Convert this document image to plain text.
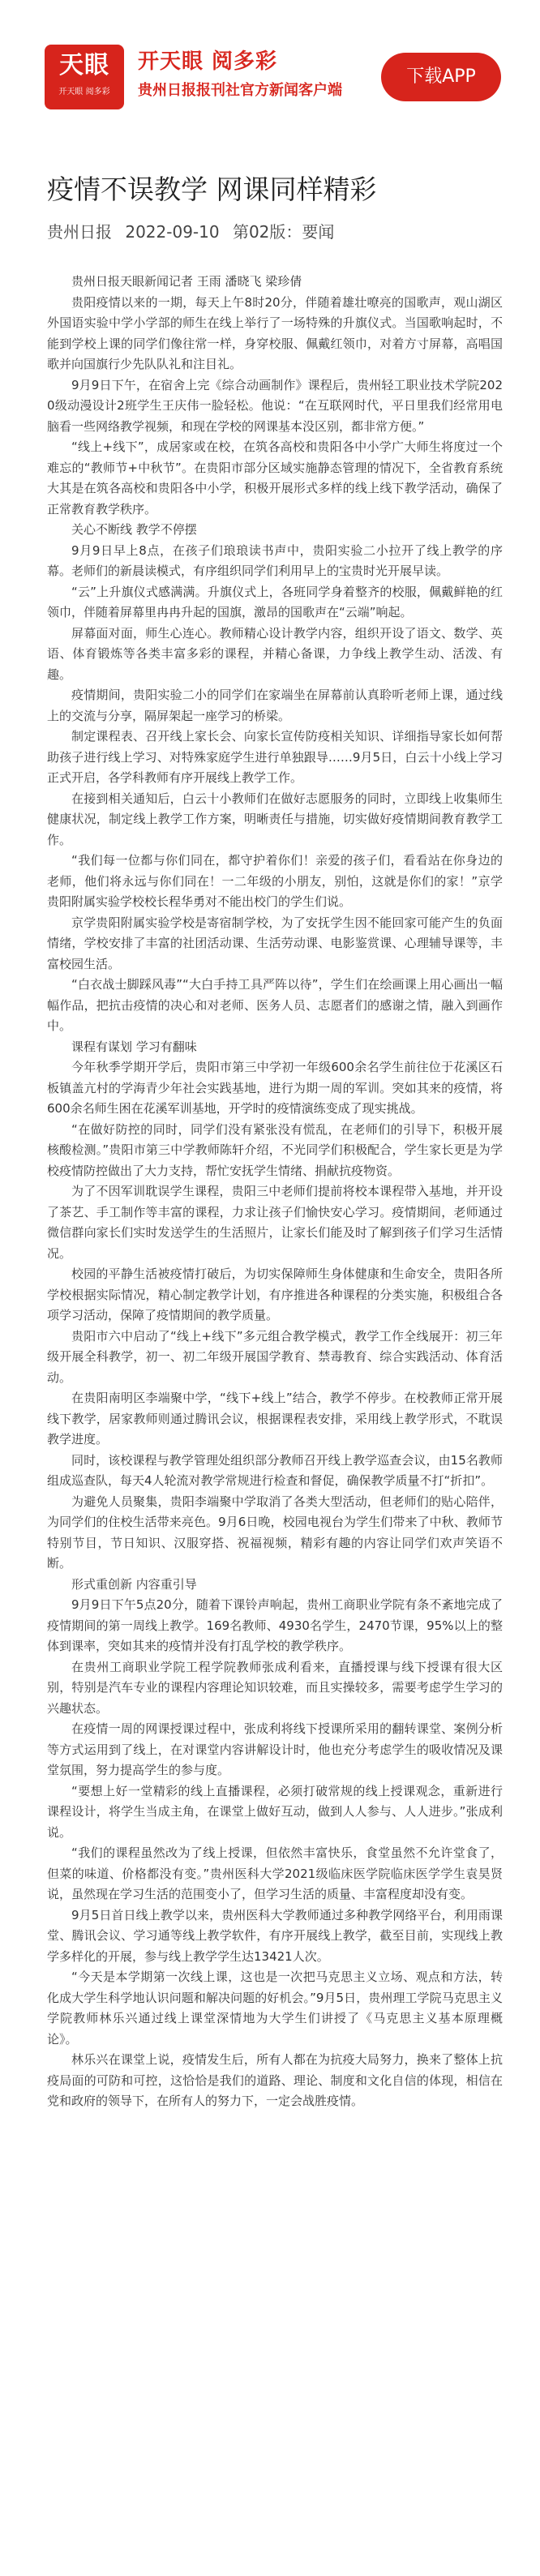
天眼
开天眼 阅多彩
开天眼 阅多彩
贵州日报报刊社官方新闻客户端
下载APP
疫情不误教学 网课同样精彩
贵州日报 2022-09-10 第02版：要闻

贵州日报天眼新闻记者 王雨 潘晓飞 梁珍倩

贵阳疫情以来的一期，每天上午8时20分，伴随着雄壮嘹亮的国歌声，观山湖区外国语实验中学小学部的师生在线上举行了一场特殊的升旗仪式。当国歌响起时，不能到学校上课的同学们像往常一样，身穿校服、佩戴红领巾，对着方寸屏幕，高唱国歌并向国旗行少先队队礼和注目礼。

9月9日下午，在宿舍上完《综合动画制作》课程后，贵州轻工职业技术学院2020级动漫设计2班学生王庆伟一脸轻松。他说：“在互联网时代，平日里我们经常用电脑看一些网络教学视频，和现在学校的网课基本没区别，都非常方便。”

“线上+线下”，成居家或在校，在筑各高校和贵阳各中小学广大师生将度过一个难忘的“教师节+中秋节”。在贵阳市部分区域实施静态管理的情况下，全省教育系统大其是在筑各高校和贵阳各中小学，积极开展形式多样的线上线下教学活动，确保了正常教育教学秩序。

关心不断线 教学不停摆

9月9日早上8点，在孩子们琅琅读书声中，贵阳实验二小拉开了线上教学的序幕。老师们的新晨读模式，有序组织同学们利用早上的宝贵时光开展早读。

“云”上升旗仪式感满满。升旗仪式上，各班同学身着整齐的校服，佩戴鲜艳的红领巾，伴随着屏幕里冉冉升起的国旗，激昂的国歌声在“云端”响起。

屏幕面对面，师生心连心。教师精心设计教学内容，组织开设了语文、数学、英语、体育锻炼等各类丰富多彩的课程，并精心备课，力争线上教学生动、活泼、有趣。

疫情期间，贵阳实验二小的同学们在家端坐在屏幕前认真聆听老师上课，通过线上的交流与分享，隔屏架起一座学习的桥梁。

制定课程表、召开线上家长会、向家长宣传防疫相关知识、详细指导家长如何帮助孩子进行线上学习、对特殊家庭学生进行单独跟导……9月5日，白云十小线上学习正式开启，各学科教师有序开展线上教学工作。

在接到相关通知后，白云十小教师们在做好志愿服务的同时，立即线上收集师生健康状况，制定线上教学工作方案，明晰责任与措施，切实做好疫情期间教育教学工作。

“我们每一位都与你们同在，都守护着你们！亲爱的孩子们，看看站在你身边的老师，他们将永远与你们同在！一二年级的小朋友，别怕，这就是你们的家！”京学贵阳附属实验学校校长程华勇对不能出校门的学生们说。

京学贵阳附属实验学校是寄宿制学校，为了安抚学生因不能回家可能产生的负面情绪，学校安排了丰富的社团活动课、生活劳动课、电影鉴赏课、心理辅导课等，丰富校园生活。

“白衣战士脚踩风毒”“大白手持工具严阵以待”，学生们在绘画课上用心画出一幅幅作品，把抗击疫情的决心和对老师、医务人员、志愿者们的感谢之情，融入到画作中。

课程有谋划 学习有翻味

今年秋季学期开学后，贵阳市第三中学初一年级600余名学生前往位于花溪区石板镇盖亢村的学海青少年社会实践基地，进行为期一周的军训。突如其来的疫情，将600余名师生困在花溪军训基地，开学时的疫情演练变成了现实挑战。

“在做好防控的同时，同学们没有紧张没有慌乱，在老师们的引导下，积极开展核酸检测。”贵阳市第三中学教师陈轩介绍，不光同学们积极配合，学生家长更是为学校疫情防控做出了大力支持，帮忙安抚学生情绪、捐献抗疫物资。

为了不因军训耽误学生课程，贵阳三中老师们提前将校本课程带入基地，并开设了茶艺、手工制作等丰富的课程，力求让孩子们愉快安心学习。疫情期间，老师通过微信群向家长们实时发送学生的生活照片，让家长们能及时了解到孩子们学习生活情况。

校园的平静生活被疫情打破后，为切实保障师生身体健康和生命安全，贵阳各所学校根据实际情况，精心制定教学计划，有序推进各种课程的分类实施，积极组合各项学习活动，保障了疫情期间的教学质量。

贵阳市六中启动了“线上+线下”多元组合教学模式，教学工作全线展开：初三年级开展全科教学，初一、初二年级开展国学教育、禁毒教育、综合实践活动、体育活动。

在贵阳南明区李端聚中学，“线下+线上”结合，教学不停步。在校教师正常开展线下教学，居家教师则通过腾讯会议，根据课程表安排，采用线上教学形式，不耽误教学进度。

同时，该校课程与教学管理处组织部分教师召开线上教学巡查会议，由15名教师组成巡查队，每天4人轮流对教学常规进行检查和督促，确保教学质量不打“折扣”。

为避免人员聚集，贵阳李端聚中学取消了各类大型活动，但老师们的贴心陪伴，为同学们的住校生活带来亮色。9月6日晚，校园电视台为学生们带来了中秋、教师节特别节目，节日知识、汉服穿搭、祝福视频，精彩有趣的内容让同学们欢声笑语不断。

形式重创新 内容重引导

9月9日下午5点20分，随着下课铃声响起，贵州工商职业学院有条不紊地完成了疫情期间的第一周线上教学。169名教师、4930名学生，2470节课，95%以上的整体到课率，突如其来的疫情并没有打乱学校的教学秩序。

在贵州工商职业学院工程学院教师张成利看来，直播授课与线下授课有很大区别，特别是汽车专业的课程内容理论知识较难，而且实操较多，需要考虑学生学习的兴趣状态。

在疫情一周的网课授课过程中，张成利将线下授课所采用的翻转课堂、案例分析等方式运用到了线上，在对课堂内容讲解设计时，他也充分考虑学生的吸收情况及课堂氛围，努力提高学生的参与度。

“要想上好一堂精彩的线上直播课程，必须打破常规的线上授课观念，重新进行课程设计，将学生当成主角，在课堂上做好互动，做到人人参与、人人进步。”张成利说。

“我们的课程虽然改为了线上授课，但依然丰富快乐，食堂虽然不允许堂食了，但菜的味道、价格都没有变。”贵州医科大学2021级临床医学院临床医学学生袁昊贤说，虽然现在学习生活的范围变小了，但学习生活的质量、丰富程度却没有变。

9月5日首日线上教学以来，贵州医科大学教师通过多种教学网络平台，利用雨课堂、腾讯会议、学习通等线上教学软件，有序开展线上教学，截至目前，实现线上教学多样化的开展，参与线上教学学生达13421人次。

“今天是本学期第一次线上课，这也是一次把马克思主义立场、观点和方法，转化成大学生科学地认识问题和解决问题的好机会。”9月5日，贵州理工学院马克思主义学院教师林乐兴通过线上课堂深情地为大学生们讲授了《马克思主义基本原理概论》。

林乐兴在课堂上说，疫情发生后，所有人都在为抗疫大局努力，换来了整体上抗疫局面的可防和可控，这恰恰是我们的道路、理论、制度和文化自信的体现，相信在党和政府的领导下，在所有人的努力下，一定会战胜疫情。
